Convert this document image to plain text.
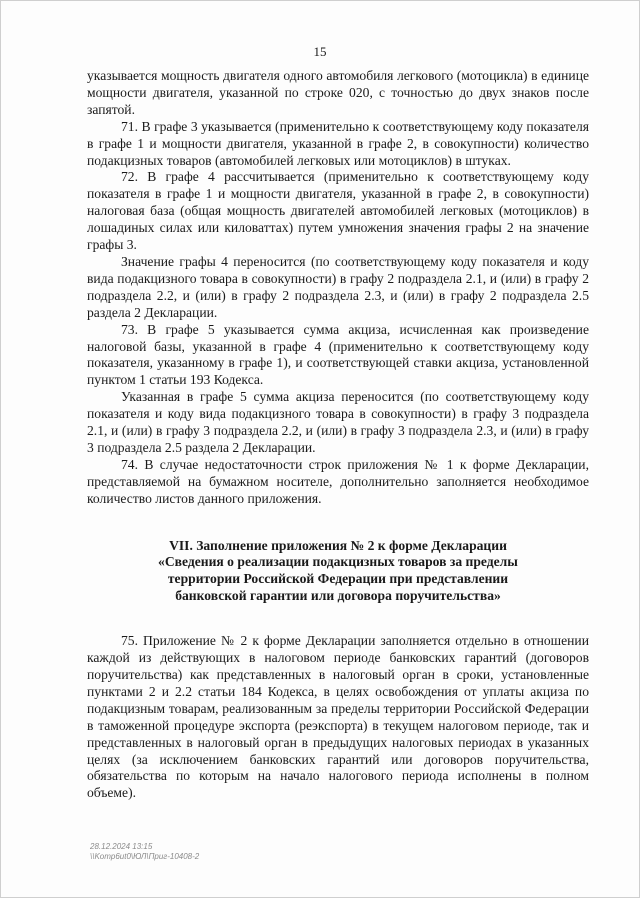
15

указывается мощность двигателя одного автомобиля легкового (мотоцикла) в единице мощности двигателя, указанной по строке 020, с точностью до двух знаков после запятой.

71. В графе 3 указывается (применительно к соответствующему коду показателя в графе 1 и мощности двигателя, указанной в графе 2, в совокупности) количество подакцизных товаров (автомобилей легковых или мотоциклов) в штуках.

72. В графе 4 рассчитывается (применительно к соответствующему коду показателя в графе 1 и мощности двигателя, указанной в графе 2, в совокупности) налоговая база (общая мощность двигателей автомобилей легковых (мотоциклов) в лошадиных силах или киловаттах) путем умножения значения графы 2 на значение графы 3.

Значение графы 4 переносится (по соответствующему коду показателя и коду вида подакцизного товара в совокупности) в графу 2 подраздела 2.1, и (или) в графу 2 подраздела 2.2, и (или) в графу 2 подраздела 2.3, и (или) в графу 2 подраздела 2.5 раздела 2 Декларации.

73. В графе 5 указывается сумма акциза, исчисленная как произведение налоговой базы, указанной в графе 4 (применительно к соответствующему коду показателя, указанному в графе 1), и соответствующей ставки акциза, установленной пунктом 1 статьи 193 Кодекса.

Указанная в графе 5 сумма акциза переносится (по соответствующему коду показателя и коду вида подакцизного товара в совокупности) в графу 3 подраздела 2.1, и (или) в графу 3 подраздела 2.2, и (или) в графу 3 подраздела 2.3, и (или) в графу 3 подраздела 2.5 раздела 2 Декларации.

74. В случае недостаточности строк приложения № 1 к форме Декларации, представляемой на бумажном носителе, дополнительно заполняется необходимое количество листов данного приложения.

VII. Заполнение приложения № 2 к форме Декларации
«Сведения о реализации подакцизных товаров за пределы
территории Российской Федерации при представлении
банковской гарантии или договора поручительства»

75. Приложение № 2 к форме Декларации заполняется отдельно в отношении каждой из действующих в налоговом периоде банковских гарантий (договоров поручительства) как представленных в налоговый орган в сроки, установленные пунктами 2 и 2.2 статьи 184 Кодекса, в целях освобождения от уплаты акциза по подакцизным товарам, реализованным за пределы территории Российской Федерации в таможенной процедуре экспорта (реэкспорта) в текущем налоговом периоде, так и представленных в налоговый орган в предыдущих налоговых периодах в указанных целях (за исключением банковских гарантий или договоров поручительства, обязательства по которым на начало налогового периода исполнены в полном объеме).

28.12.2024 13:15
\\Komp6ut0\ЮЛ\Приг-10408-2
